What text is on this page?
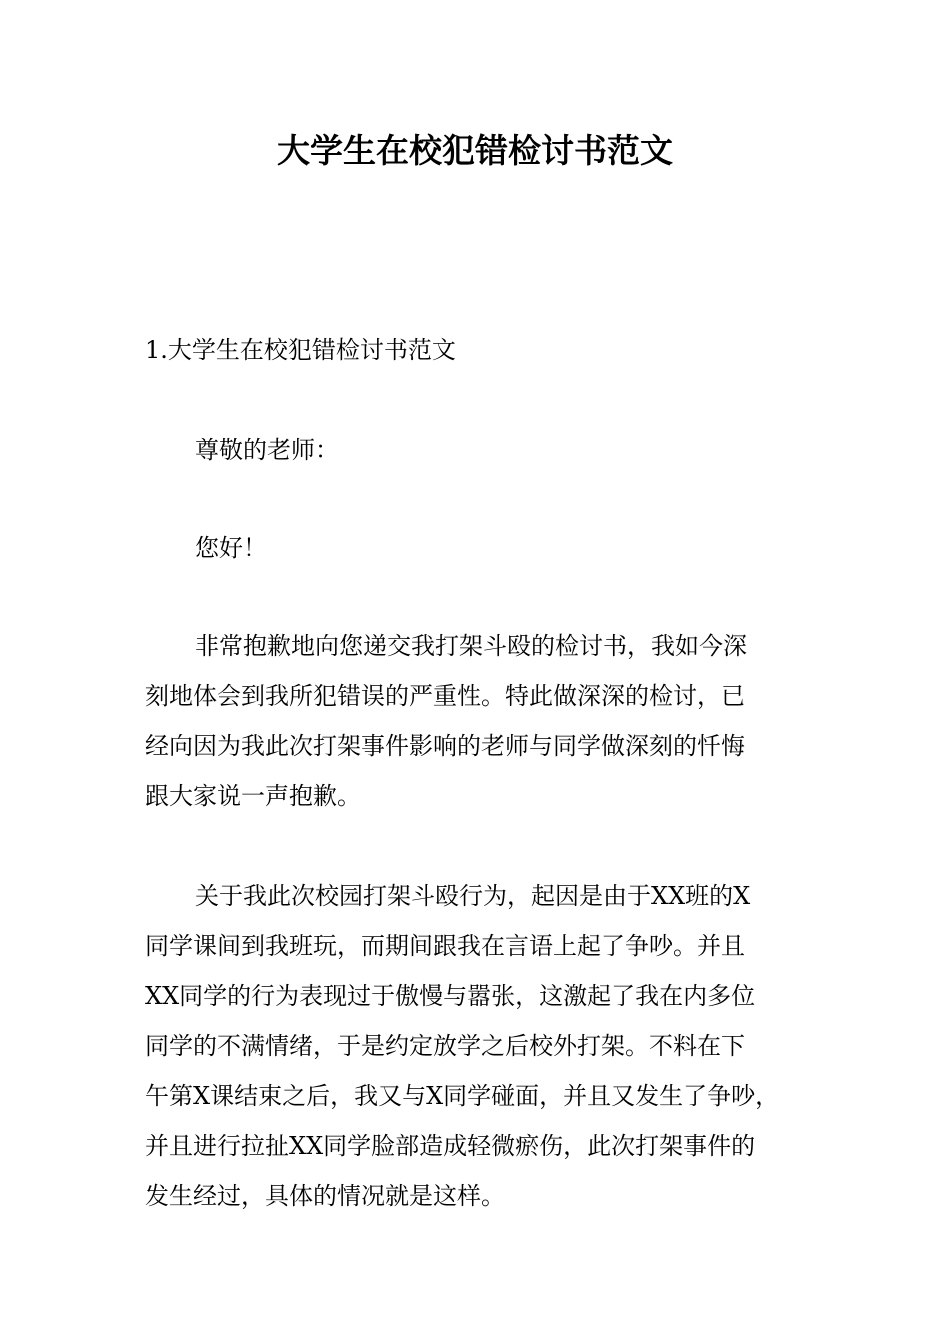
大学生在校犯错检讨书范文

1.大学生在校犯错检讨书范文

尊敬的老师：

您好！

非常抱歉地向您递交我打架斗殴的检讨书，我如今深
刻地体会到我所犯错误的严重性。特此做深深的检讨，已
经向因为我此次打架事件影响的老师与同学做深刻的忏悔
跟大家说一声抱歉。
关于我此次校园打架斗殴行为，起因是由于XX班的X
同学课间到我班玩，而期间跟我在言语上起了争吵。并且
XX同学的行为表现过于傲慢与嚣张，这激起了我在内多位
同学的不满情绪，于是约定放学之后校外打架。不料在下
午第X课结束之后，我又与X同学碰面，并且又发生了争吵，
并且进行拉扯XX同学脸部造成轻微瘀伤，此次打架事件的
发生经过，具体的情况就是这样。
